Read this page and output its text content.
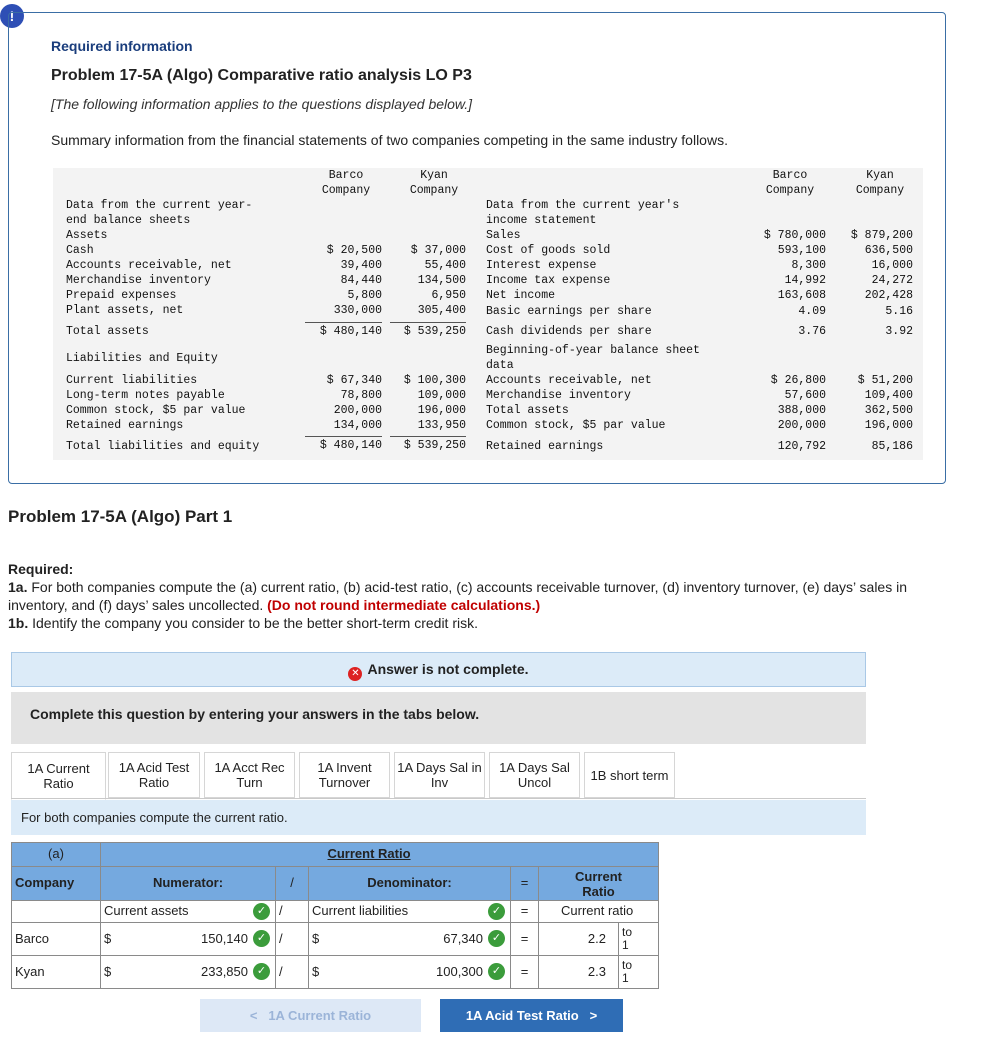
!
Required information
Problem 17-5A (Algo) Comparative ratio analysis LO P3
[The following information applies to the questions displayed below.]
Summary information from the financial statements of two companies competing in the same industry follows.
Barco
Company
Kyan
Company
Data from the current year-
end balance sheets
Assets
Cash	$ 20,500	$ 37,000
Accounts receivable, net	39,400	55,400
Merchandise inventory	84,440	134,500
Prepaid expenses	5,800	6,950
Plant assets, net	330,000	305,400
Total assets	$ 480,140	$ 539,250
Liabilities and Equity
Current liabilities	$ 67,340	$ 100,300
Long-term notes payable	78,800	109,000
Common stock, $5 par value	200,000	196,000
Retained earnings	134,000	133,950
Total liabilities and equity	$ 480,140	$ 539,250
Barco
Company
Kyan
Company
Data from the current year's
income statement
Sales	$ 780,000	$ 879,200
Cost of goods sold	593,100	636,500
Interest expense	8,300	16,000
Income tax expense	14,992	24,272
Net income	163,608	202,428
Basic earnings per share	4.09	5.16
Cash dividends per share	3.76	3.92
Beginning-of-year balance sheet
data
Accounts receivable, net	$ 26,800	$ 51,200
Merchandise inventory	57,600	109,400
Total assets	388,000	362,500
Common stock, $5 par value	200,000	196,000
Retained earnings	120,792	85,186
Problem 17-5A (Algo) Part 1
Required:
1a. For both companies compute the (a) current ratio, (b) acid-test ratio, (c) accounts receivable turnover, (d) inventory turnover, (e) days’ sales in inventory, and (f) days’ sales uncollected. (Do not round intermediate calculations.)
1b. Identify the company you consider to be the better short-term credit risk.
✕ Answer is not complete.
Complete this question by entering your answers in the tabs below.
1A Current
Ratio
1A Acid Test
Ratio
1A Acct Rec
Turn
1A Invent
Turnover
1A Days Sal in
Inv
1A Days Sal
Uncol	1B short term
For both companies compute the current ratio.
(a)	Current Ratio
Company	Numerator:	/	Denominator:	=	Current
Ratio
Current assets	✓ /	Current liabilities	✓	=	Current ratio
Barco	$	150,140 ✓ /	$	67,340 ✓	=	2.2	to
1
Kyan	$	233,850 ✓ /	$	100,300 ✓	=	2.3	to
1
< 1A Current Ratio	1A Acid Test Ratio >
